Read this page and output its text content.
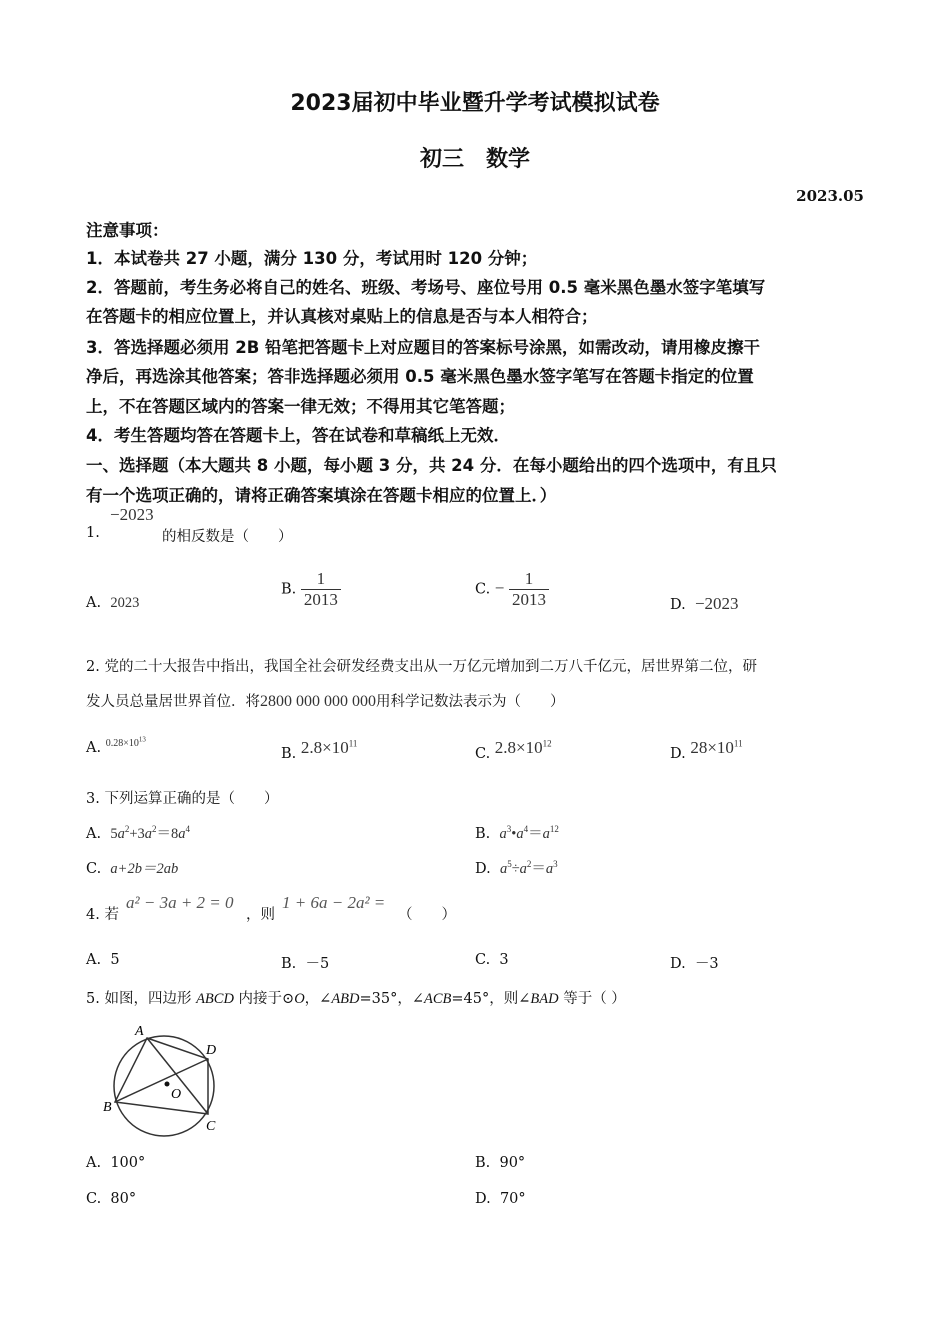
2023届初中毕业暨升学考试模拟试卷
初三　数学
2023.05
注意事项：
1．本试卷共 27 小题，满分 130 分，考试用时 120 分钟；
2．答题前，考生务必将自己的姓名、班级、考场号、座位号用 0.5 毫米黑色墨水签字笔填写
在答题卡的相应位置上，并认真核对桌贴上的信息是否与本人相符合；
3．答选择题必须用 2B 铅笔把答题卡上对应题目的答案标号涂黑，如需改动，请用橡皮擦干
净后，再选涂其他答案；答非选择题必须用 0.5 毫米黑色墨水签字笔写在答题卡指定的位置
上，不在答题区域内的答案一律无效；不得用其它笔答题；
4．考生答题均答在答题卡上，答在试卷和草稿纸上无效．
一、选择题（本大题共 8 小题，每小题 3 分，共 24 分．在每小题给出的四个选项中，有且只
有一个选项正确的，请将正确答案填涂在答题卡相应的位置上．）
−2023
1.	的相反数是（　　）
A. 2023
B. $\frac{1}{2013}$	C. − $\frac{1}{2013}$	D. −2023
2. 党的二十大报告中指出，我国全社会研发经费支出从一万亿元增加到二万八千亿元，居世界第二位，研
发人员总量居世界首位．将2800 000 000 000用科学记数法表示为（　　）
A. $^{0.28\times 10^{13}}$
B. $2.8\times 10^{11}$
C. $2.8\times 10^{12}$
D. $28\times 10^{11}$
3. 下列运算正确的是（　　）
A. $5a^2+3a^2=8a^4$	B. $a^3•a^4=a^{12}$
C. a+2b＝2ab	D. $a^5\div a^2=a^3$
4. 若
a² − 3a + 2 = 0
，则
1 + 6a − 2a² =
（　　）
A. 5	B. －5	C. 3	D. －3
5. 如图，四边形 ABCD 内接于⊙O，∠ABD=35°，∠ACB=45°，则∠BAD 等于（ ）
A
B
C
D
O
A. 100°	B. 90°
C. 80°	D. 70°
